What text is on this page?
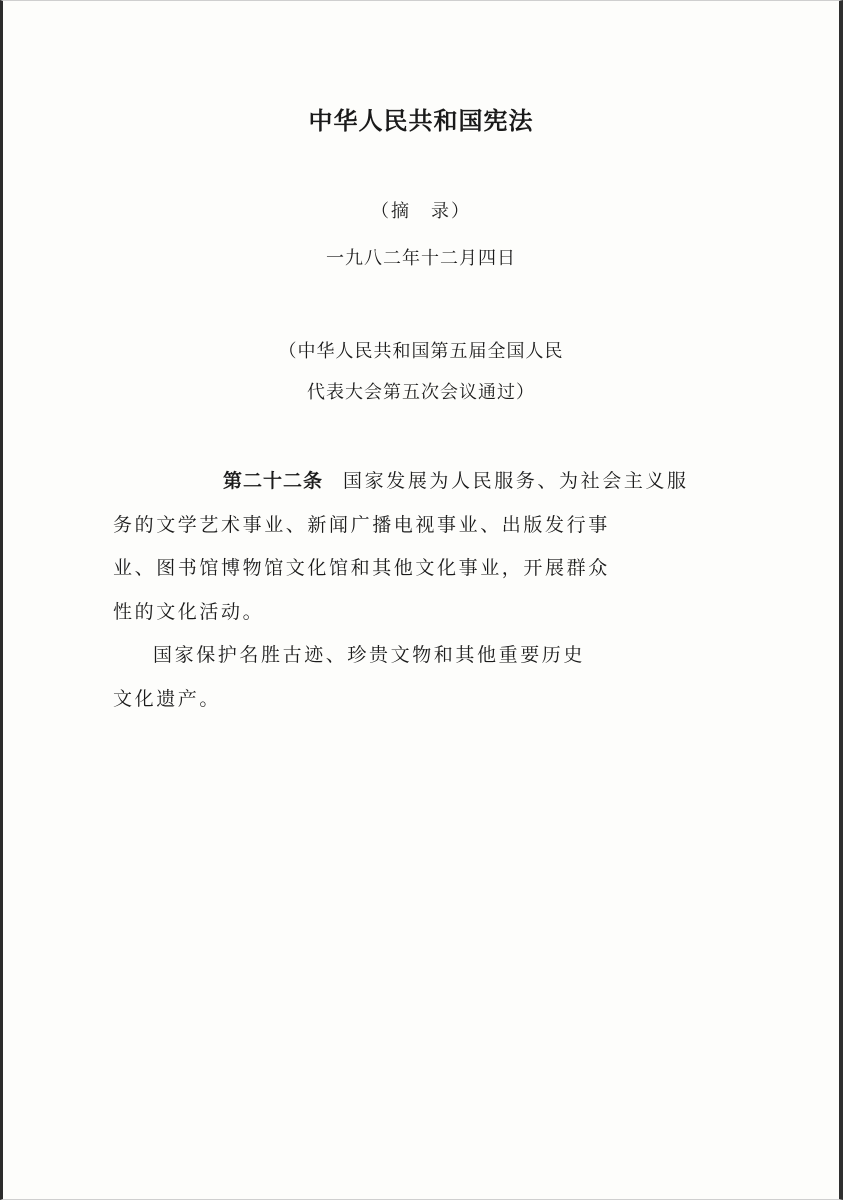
中华人民共和国宪法
（摘　录）
一九八二年十二月四日
（中华人民共和国第五届全国人民
代表大会第五次会议通过）
第二十二条 国家发展为人民服务、为社会主义服
务的文学艺术事业、新闻广播电视事业、出版发行事
业、图书馆博物馆文化馆和其他文化事业，开展群众
性的文化活动。
国家保护名胜古迹、珍贵文物和其他重要历史
文化遗产。
